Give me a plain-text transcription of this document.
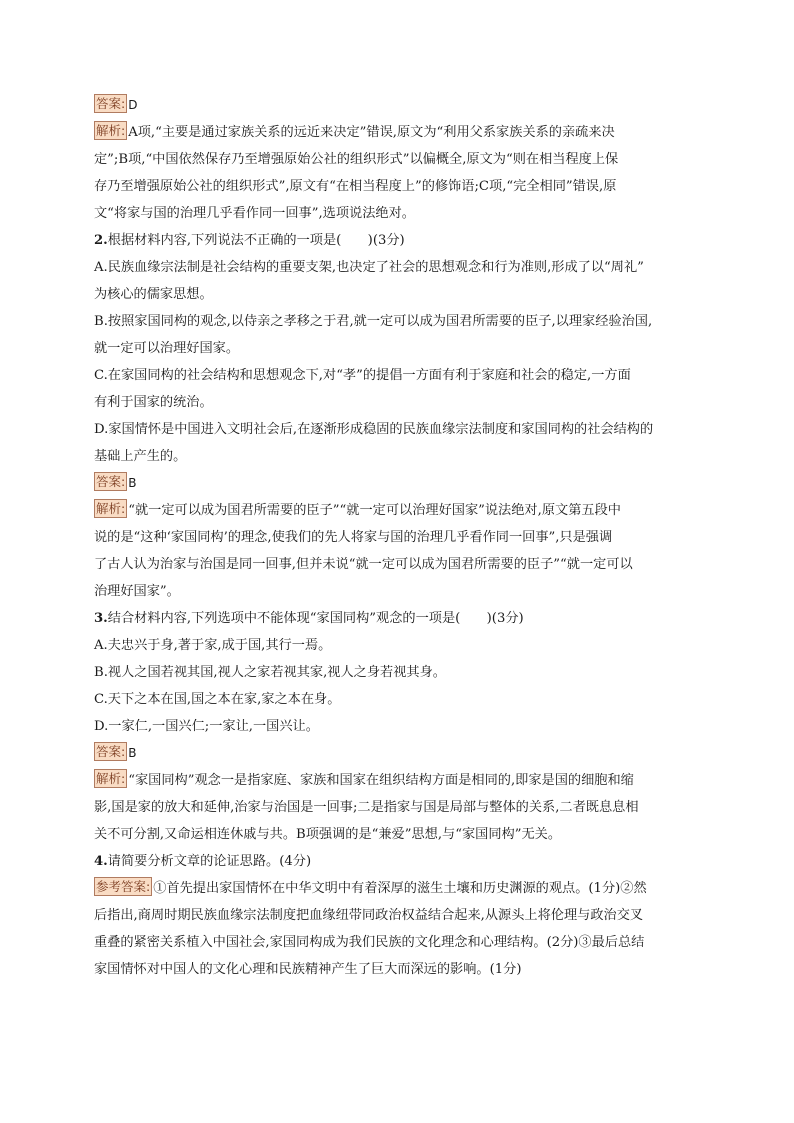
答案: D
解析: A项,“主要是通过家族关系的远近来决定”错误,原文为“利用父系家族关系的亲疏来决
定”;B项,“中国依然保存乃至增强原始公社的组织形式”以偏概全,原文为“则在相当程度上保
存乃至增强原始公社的组织形式”,原文有“在相当程度上”的修饰语;C项,“完全相同”错误,原
文“将家与国的治理几乎看作同一回事”,选项说法绝对。
2.根据材料内容,下列说法不正确的一项是(　　)(3分)
A.民族血缘宗法制是社会结构的重要支架,也决定了社会的思想观念和行为准则,形成了以“周礼”
为核心的儒家思想。
B.按照家国同构的观念,以侍亲之孝移之于君,就一定可以成为国君所需要的臣子,以理家经验治国,
就一定可以治理好国家。
C.在家国同构的社会结构和思想观念下,对“孝”的提倡一方面有利于家庭和社会的稳定,一方面
有利于国家的统治。
D.家国情怀是中国进入文明社会后,在逐渐形成稳固的民族血缘宗法制度和家国同构的社会结构的
基础上产生的。
答案: B
解析: “就一定可以成为国君所需要的臣子”“就一定可以治理好国家”说法绝对,原文第五段中
说的是“这种‘家国同构’的理念,使我们的先人将家与国的治理几乎看作同一回事”,只是强调
了古人认为治家与治国是同一回事,但并未说“就一定可以成为国君所需要的臣子”“就一定可以
治理好国家”。
3.结合材料内容,下列选项中不能体现“家国同构”观念的一项是(　　)(3分)
A.夫忠兴于身,著于家,成于国,其行一焉。
B.视人之国若视其国,视人之家若视其家,视人之身若视其身。
C.天下之本在国,国之本在家,家之本在身。
D.一家仁,一国兴仁;一家让,一国兴让。
答案: B
解析: “家国同构”观念一是指家庭、家族和国家在组织结构方面是相同的,即家是国的细胞和缩
影,国是家的放大和延伸,治家与治国是一回事;二是指家与国是局部与整体的关系,二者既息息相
关不可分割,又命运相连休戚与共。B项强调的是“兼爱”思想,与“家国同构”无关。
4.请简要分析文章的论证思路。(4分)
参考答案: ①首先提出家国情怀在中华文明中有着深厚的滋生土壤和历史渊源的观点。(1分)②然
后指出,商周时期民族血缘宗法制度把血缘纽带同政治权益结合起来,从源头上将伦理与政治交叉
重叠的紧密关系植入中国社会,家国同构成为我们民族的文化理念和心理结构。(2分)③最后总结
家国情怀对中国人的文化心理和民族精神产生了巨大而深远的影响。(1分)
